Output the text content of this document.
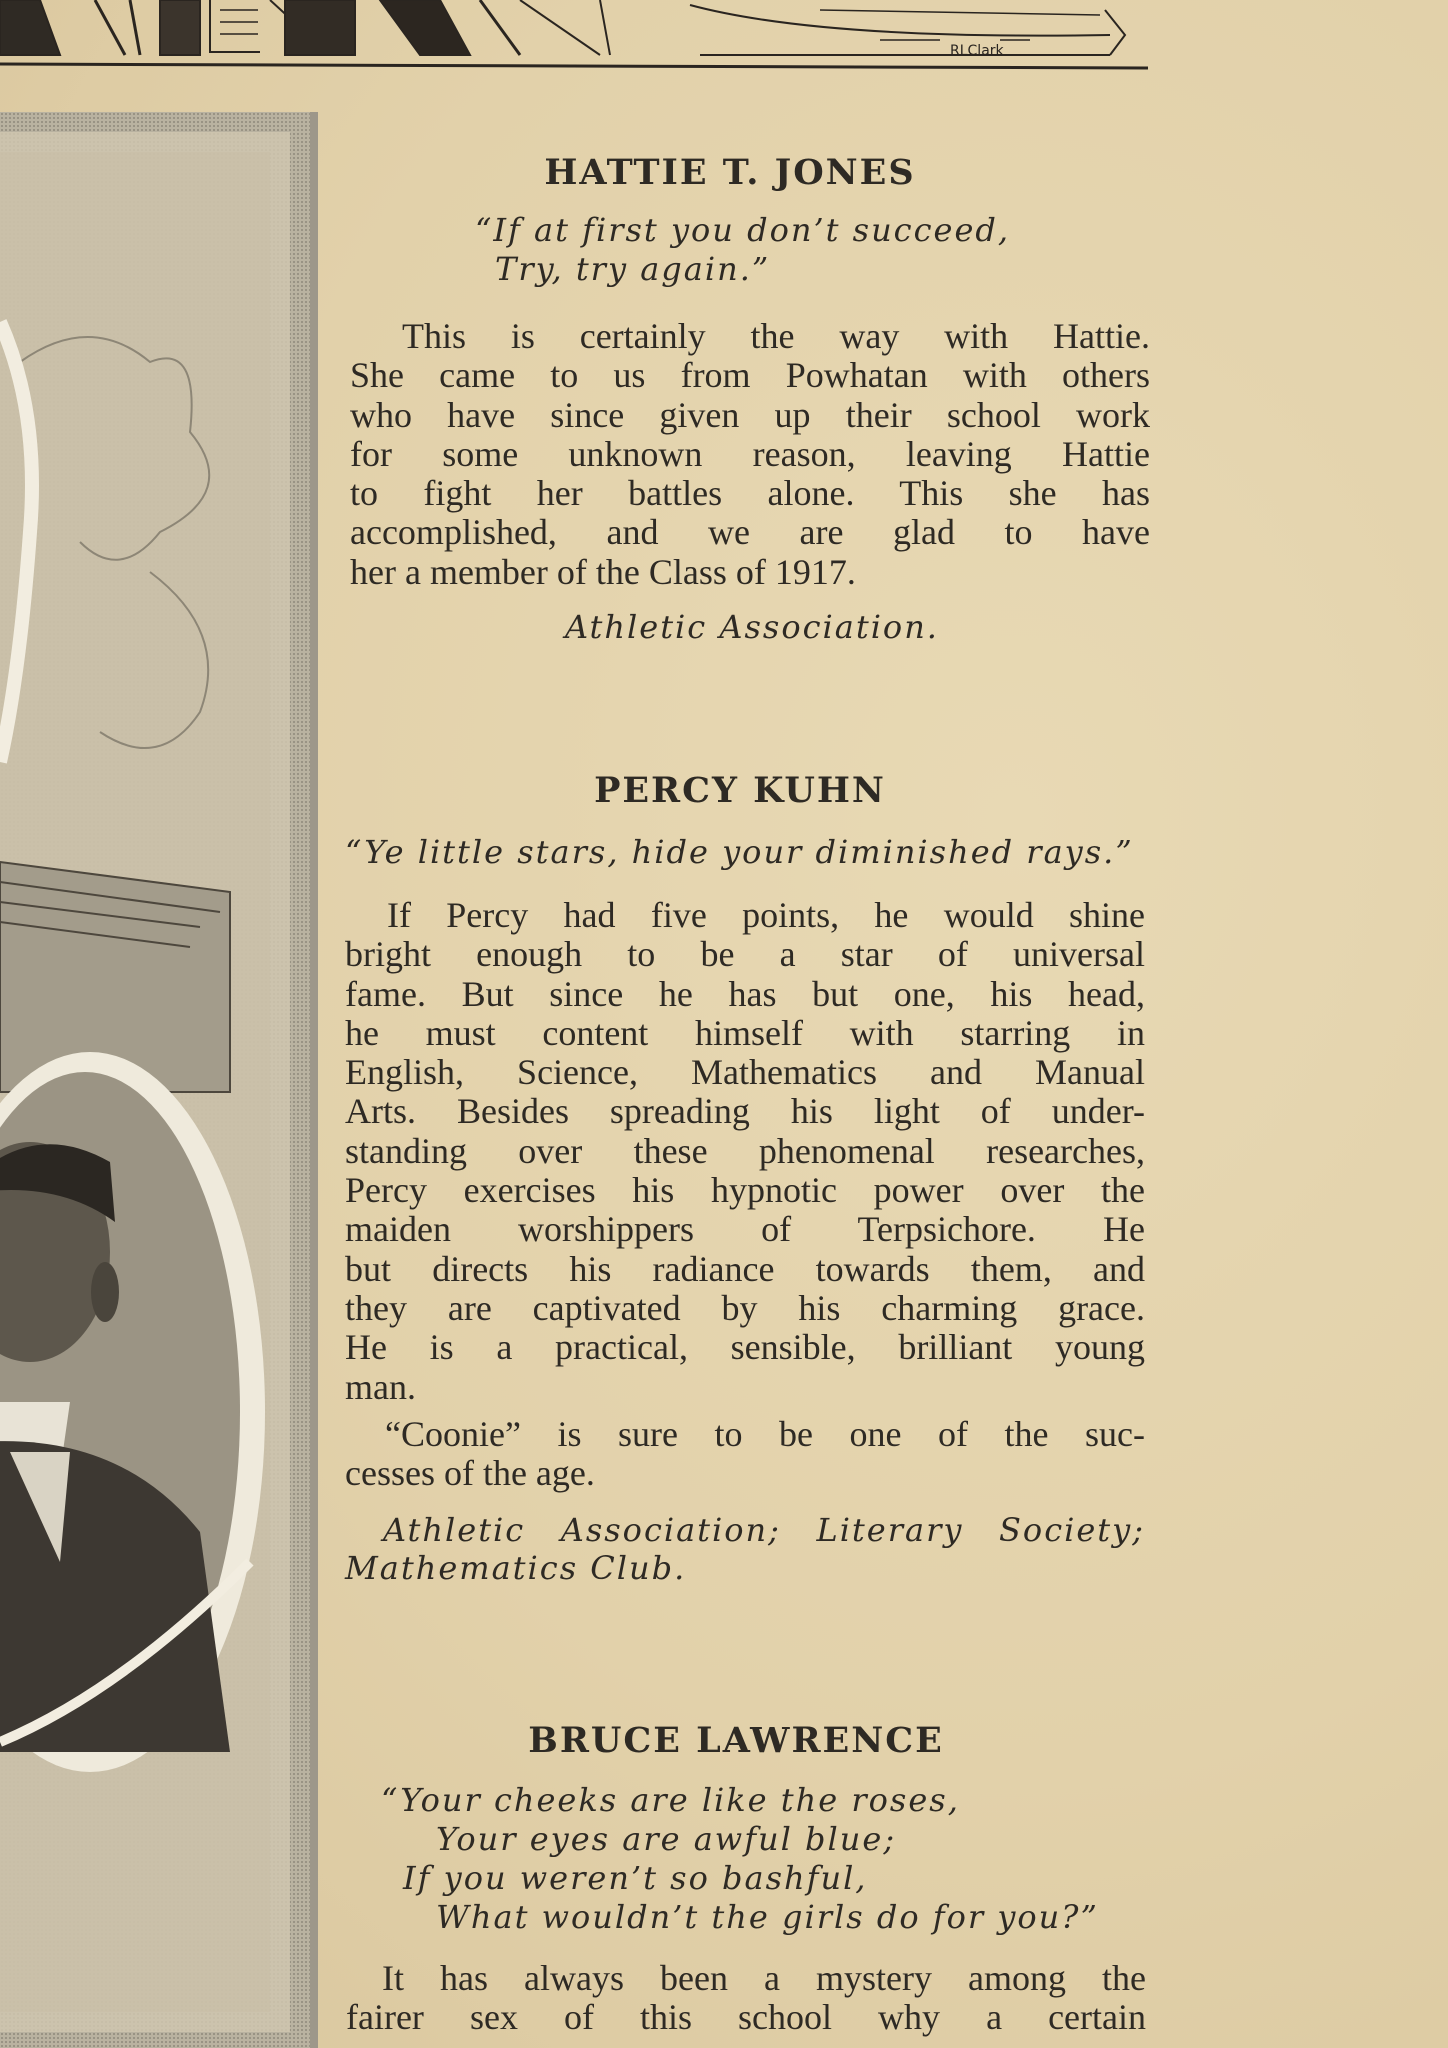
RLClark
HATTIE T. JONES
“If at first you don’t succeed,
Try, try again.”
This is certainly the way with Hattie.
She came to us from Powhatan with others
who have since given up their school work
for some unknown reason, leaving Hattie
to fight her battles alone. This she has
accomplished, and we are glad to have
her a member of the Class of 1917.
Athletic Association.
PERCY KUHN
“Ye little stars, hide your diminished rays.”
If Percy had five points, he would shine
bright enough to be a star of universal
fame. But since he has but one, his head,
he must content himself with starring in
English, Science, Mathematics and Manual
Arts. Besides spreading his light of under-
standing over these phenomenal researches,
Percy exercises his hypnotic power over the
maiden worshippers of Terpsichore. He
but directs his radiance towards them, and
they are captivated by his charming grace.
He is a practical, sensible, brilliant young
man.
“Coonie” is sure to be one of the suc-
cesses of the age.
Athletic Association; Literary Society;
Mathematics Club.
BRUCE LAWRENCE
“Your cheeks are like the roses,
Your eyes are awful blue;
If you weren’t so bashful,
What wouldn’t the girls do for you?”
It has always been a mystery among the
fairer sex of this school why a certain
